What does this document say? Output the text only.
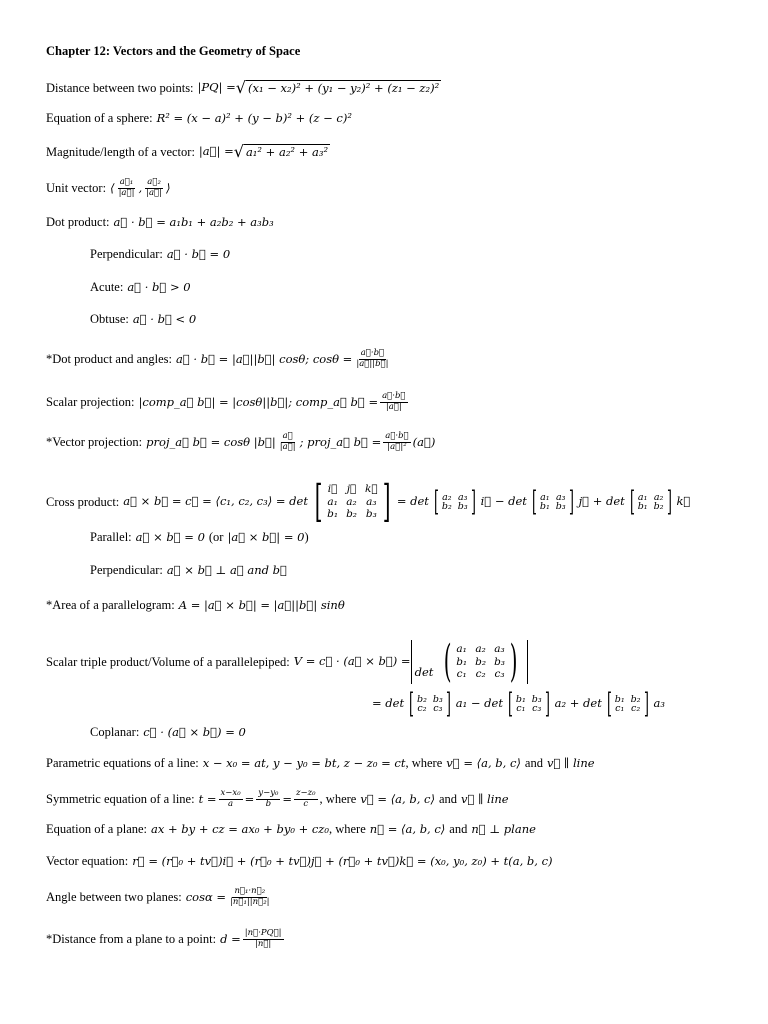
Chapter 12: Vectors and the Geometry of Space
Distance between two points: |PQ| = √ (x₁ − x₂)² + (y₁ − y₂)² + (z₁ − z₂)²
Equation of a sphere: R² = (x − a)² + (y − b)² + (z − c)²
Magnitude/length of a vector: |a⃗| = √ a₁² + a₂² + a₃²
Unit vector: ⟨ $\frac{\text{a⃗₁}}{|a⃗|}$ , $\frac{\text{a⃗₂}}{|a⃗|}$ ⟩
Dot product: a⃗ · b⃗ = a₁b₁ + a₂b₂ + a₃b₃
Perpendicular: a⃗ · b⃗ = 0
Acute: a⃗ · b⃗ > 0
Obtuse: a⃗ · b⃗ < 0
*Dot product and angles: a⃗ · b⃗ = |a⃗||b⃗| cosθ; $\cos\theta = \frac{a⃗\cdot b⃗}{|a⃗||b⃗|}$
Scalar projection: |comp_a⃗ b⃗| = |cosθ||b⃗|; comp_a⃗ b⃗ = $\frac{a⃗\cdot b⃗}{|a⃗|}$
*Vector projection: proj_a⃗ b⃗ = cosθ |b⃗| $\frac{a⃗}{|a⃗|}$ ; proj_a⃗ b⃗ = $\frac{a⃗\cdot b⃗}{\text{|a⃗|²}}$ (a⃗)
Cross product: a⃗ × b⃗ = c⃗ = ⟨c₁, c₂, c₃⟩ = det [ i⃗ j⃗ k⃗
a₁ a₂ a₃
b₁ b₂ b₃ ] = det [ a₂ a₃
b₂ b₃ ] i⃗ − det [ a₁ a₃
b₁ b₃ ] j⃗ + det [ a₁ a₂
b₁ b₂ ] k⃗
Parallel: a⃗ × b⃗ = 0 (or |a⃗ × b⃗| = 0 )
Perpendicular: a⃗ × b⃗ ⊥ a⃗ and b⃗
*Area of a parallelogram: A = |a⃗ × b⃗| = |a⃗||b⃗| sinθ
Scalar triple product/Volume of a parallelepiped: V = c⃗ · (a⃗ × b⃗) =
det ( a₁ a₂ a₃
b₁ b₂ b₃
c₁ c₂ c₃ )
= det [ b₂ b₃
c₂ c₃ ] a₁ − det [ b₁ b₃
c₁ c₃ ] a₂ + det [ b₁ b₂
c₁ c₂ ] a₃
Coplanar: c⃗ · (a⃗ × b⃗) = 0
Parametric equations of a line: x − x₀ = at, y − y₀ = bt, z − z₀ = ct , where v⃗ = ⟨a, b, c⟩ and v⃗ ∥ line
Symmetric equation of a line: $t = \frac{\text{x−x₀}}{a} = \frac{\text{y−y₀}}{b} = \frac{\text{z−z₀}}{c}$ , where v⃗ = ⟨a, b, c⟩ and v⃗ ∥ line
Equation of a plane: ax + by + cz = ax₀ + by₀ + cz₀ , where n⃗ = ⟨a, b, c⟩ and n⃗ ⊥ plane
Vector equation: r⃗ = (r⃗₀ + tv⃗)i⃗ + (r⃗₀ + tv⃗)j⃗ + (r⃗₀ + tv⃗)k⃗ = (x₀, y₀, z₀) + t(a, b, c)
Angle between two planes: $\cos\alpha = \frac{\text{n⃗₁·n⃗₂}}{\text{|n⃗₁||n⃗₂|}}$
*Distance from a plane to a point: $d = \frac{|n⃗\cdot PQ⃗|}{|n⃗|}$
